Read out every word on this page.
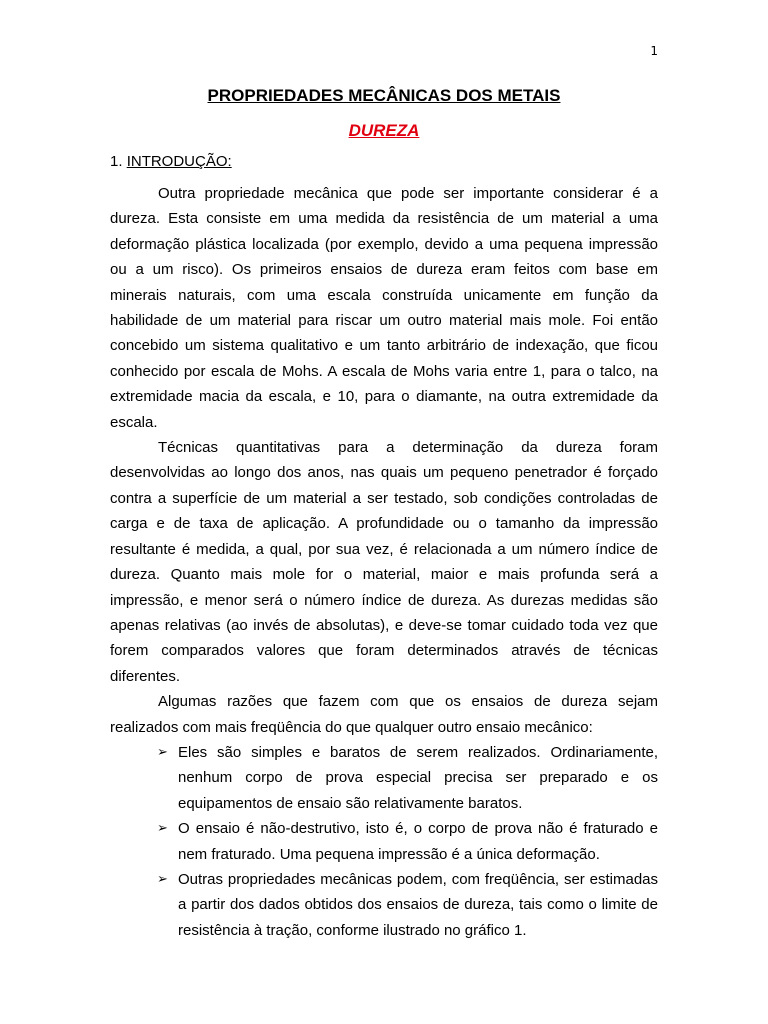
1
PROPRIEDADES MECÂNICAS DOS METAIS
DUREZA
1. INTRODUÇÃO:

Outra propriedade mecânica que pode ser importante considerar é a dureza. Esta consiste em uma medida da resistência de um material a uma deformação plástica localizada (por exemplo, devido a uma pequena impressão ou a um risco). Os primeiros ensaios de dureza eram feitos com base em minerais naturais, com uma escala construída unicamente em função da habilidade de um material para riscar um outro material mais mole. Foi então concebido um sistema qualitativo e um tanto arbitrário de indexação, que ficou conhecido por escala de Mohs. A escala de Mohs varia entre 1, para o talco, na extremidade macia da escala, e 10, para o diamante, na outra extremidade da escala.

Técnicas quantitativas para a determinação da dureza foram desenvolvidas ao longo dos anos, nas quais um pequeno penetrador é forçado contra a superfície de um material a ser testado, sob condições controladas de carga e de taxa de aplicação. A profundidade ou o tamanho da impressão resultante é medida, a qual, por sua vez, é relacionada a um número índice de dureza. Quanto mais mole for o material, maior e mais profunda será a impressão, e menor será o número índice de dureza. As durezas medidas são apenas relativas (ao invés de absolutas), e deve-se tomar cuidado toda vez que forem comparados valores que foram determinados através de técnicas diferentes.

Algumas razões que fazem com que os ensaios de dureza sejam realizados com mais freqüência do que qualquer outro ensaio mecânico:

➢ Eles são simples e baratos de serem realizados. Ordinariamente, nenhum corpo de prova especial precisa ser preparado e os equipamentos de ensaio são relativamente baratos.
➢ O ensaio é não-destrutivo, isto é, o corpo de prova não é fraturado e nem fraturado. Uma pequena impressão é a única deformação.
➢ Outras propriedades mecânicas podem, com freqüência, ser estimadas a partir dos dados obtidos dos ensaios de dureza, tais como o limite de resistência à tração, conforme ilustrado no gráfico 1.
